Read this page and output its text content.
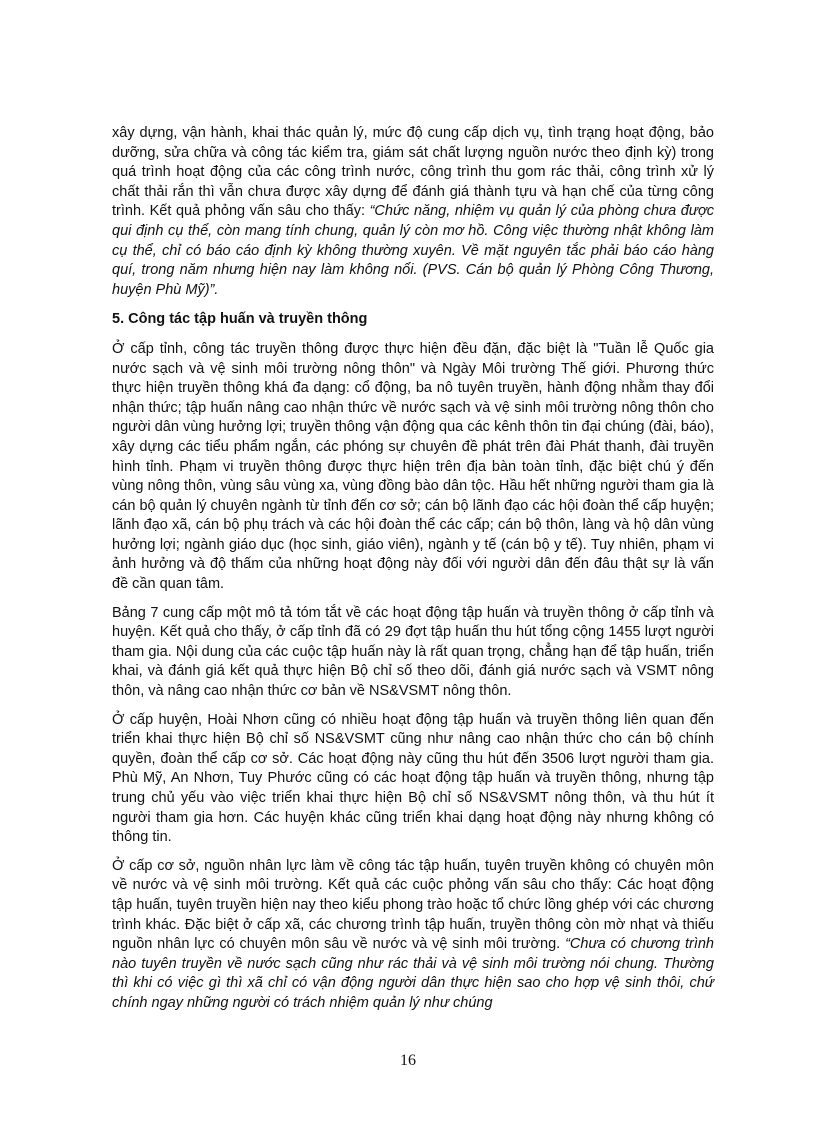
xây dựng, vận hành, khai thác quản lý, mức độ cung cấp dịch vụ, tình trạng hoạt động, bảo dưỡng, sửa chữa và công tác kiểm tra, giám sát chất lượng nguồn nước theo định kỳ) trong quá trình hoạt động của các công trình nước, công trình thu gom rác thải, công trình xử lý chất thải rắn thì vẫn chưa được xây dựng để đánh giá thành tựu và hạn chế của từng công trình. Kết quả phỏng vấn sâu cho thấy: “Chức năng, nhiệm vụ quản lý của phòng chưa được qui định cụ thể, còn mang tính chung, quản lý còn mơ hồ. Công việc thường nhật không làm cụ thể, chỉ có báo cáo định kỳ không thường xuyên. Về mặt nguyên tắc phải báo cáo hàng quí, trong năm nhưng hiện nay làm không nổi. (PVS. Cán bộ quản lý Phòng Công Thương, huyện Phù Mỹ)”.

5. Công tác tập huấn và truyền thông

Ở cấp tỉnh, công tác truyền thông được thực hiện đều đặn, đặc biệt là "Tuần lễ Quốc gia nước sạch và vệ sinh môi trường nông thôn" và Ngày Môi trường Thế giới. Phương thức thực hiện truyền thông khá đa dạng: cổ động, ba nô tuyên truyền, hành động nhằm thay đổi nhận thức; tập huấn nâng cao nhận thức về nước sạch và vệ sinh môi trường nông thôn cho người dân vùng hưởng lợi; truyền thông vận động qua các kênh thôn tin đại chúng (đài, báo), xây dựng các tiểu phẩm ngắn, các phóng sự chuyên đề phát trên đài Phát thanh, đài truyền hình tỉnh. Phạm vi truyền thông được thực hiện trên địa bàn toàn tỉnh, đặc biệt chú ý đến vùng nông thôn, vùng sâu vùng xa, vùng đồng bào dân tộc. Hầu hết những người tham gia là cán bộ quản lý chuyên ngành từ tỉnh đến cơ sở; cán bộ lãnh đạo các hội đoàn thể cấp huyện; lãnh đạo xã, cán bộ phụ trách và các hội đoàn thể các cấp; cán bộ thôn, làng và hộ dân vùng hưởng lợi; ngành giáo dục (học sinh, giáo viên), ngành y tế (cán bộ y tế). Tuy nhiên, phạm vi ảnh hưởng và độ thấm của những hoạt động này đối với người dân đến đâu thật sự là vấn đề cần quan tâm.

Bảng 7 cung cấp một mô tả tóm tắt về các hoạt động tập huấn và truyền thông ở cấp tỉnh và huyện. Kết quả cho thấy, ở cấp tỉnh đã có 29 đợt tập huấn thu hút tổng cộng 1455 lượt người tham gia. Nội dung của các cuộc tập huấn này là rất quan trọng, chẳng hạn để tập huấn, triển khai, và đánh giá kết quả thực hiện Bộ chỉ số theo dõi, đánh giá nước sạch và VSMT nông thôn, và nâng cao nhận thức cơ bản về NS&VSMT nông thôn.

Ở cấp huyện, Hoài Nhơn cũng có nhiều hoạt động tập huấn và truyền thông liên quan đến triển khai thực hiện Bộ chỉ số NS&VSMT cũng như nâng cao nhận thức cho cán bộ chính quyền, đoàn thể cấp cơ sở. Các hoạt động này cũng thu hút đến 3506 lượt người tham gia. Phù Mỹ, An Nhơn, Tuy Phước cũng có các hoạt động tập huấn và truyền thông, nhưng tập trung chủ yếu vào việc triển khai thực hiện Bộ chỉ số NS&VSMT nông thôn, và thu hút ít người tham gia hơn. Các huyện khác cũng triển khai dạng hoạt động này nhưng không có thông tin.

Ở cấp cơ sở, nguồn nhân lực làm về công tác tập huấn, tuyên truyền không có chuyên môn về nước và vệ sinh môi trường. Kết quả các cuộc phỏng vấn sâu cho thấy: Các hoạt động tập huấn, tuyên truyền hiện nay theo kiểu phong trào hoặc tổ chức lồng ghép với các chương trình khác. Đặc biệt ở cấp xã, các chương trình tập huấn, truyền thông còn mờ nhạt và thiếu nguồn nhân lực có chuyên môn sâu về nước và vệ sinh môi trường. “Chưa có chương trình nào tuyên truyền về nước sạch cũng như rác thải và vệ sinh môi trường nói chung. Thường thì khi có việc gì thì xã chỉ có vận động người dân thực hiện sao cho hợp vệ sinh thôi, chứ chính ngay những người có trách nhiệm quản lý như chúng

16
